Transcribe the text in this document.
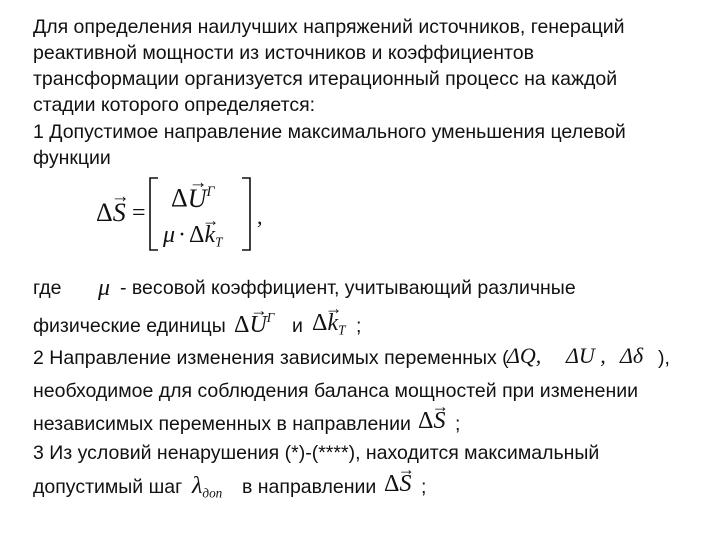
Для определения наилучших напряжений источников, генераций
реактивной мощности из источников и коэффициентов
трансформации организуется итерационный процесс на каждой
стадии которого определяется:
1 Допустимое направление максимального уменьшения целевой
функции
Δ→ S =
$\Delta\to U^Г$
$\mu \cdot \Delta\to k_T$
,
где μ - весовой коэффициент, учитывающий различные
физические единицы $\Delta\to U^Г$ и $\Delta\to k_T$ ;
2 Направление изменения зависимых переменных (
ΔQ, ΔU , Δδ ),
необходимое для соблюдения баланса мощностей при изменении
независимых переменных в направлении Δ→ S ;
3 Из условий ненарушения (*)-(****), находится максимальный
допустимый шаг $\lambda_{доп}$ в направлении Δ→ S ;
